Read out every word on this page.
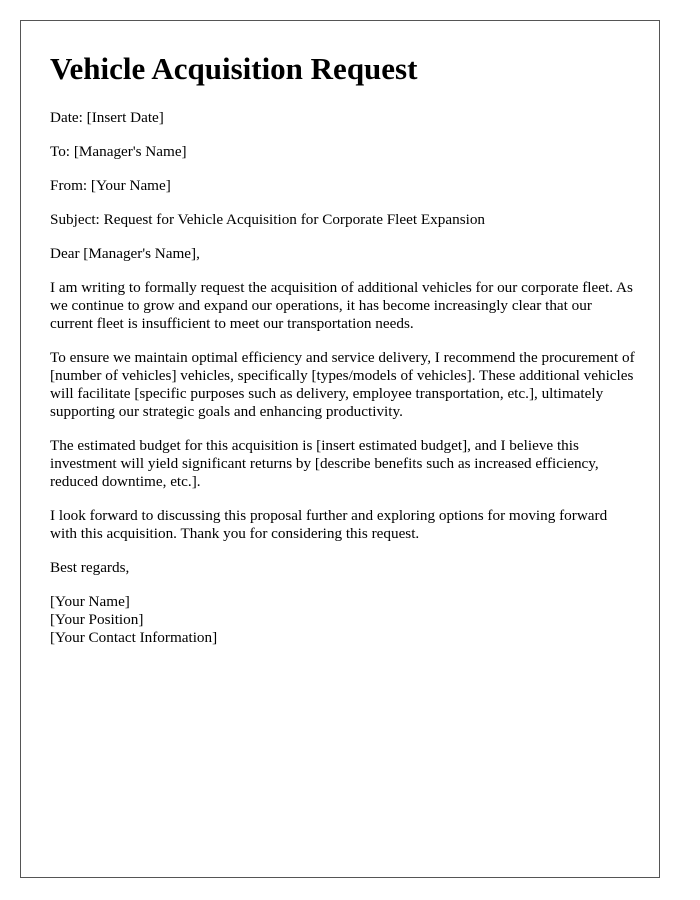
Vehicle Acquisition Request

Date: [Insert Date]

To: [Manager's Name]

From: [Your Name]

Subject: Request for Vehicle Acquisition for Corporate Fleet Expansion

Dear [Manager's Name],

I am writing to formally request the acquisition of additional vehicles for our corporate fleet. As we continue to grow and expand our operations, it has become increasingly clear that our current fleet is insufficient to meet our transportation needs.

To ensure we maintain optimal efficiency and service delivery, I recommend the procurement of [number of vehicles] vehicles, specifically [types/models of vehicles]. These additional vehicles will facilitate [specific purposes such as delivery, employee transportation, etc.], ultimately supporting our strategic goals and enhancing productivity.

The estimated budget for this acquisition is [insert estimated budget], and I believe this investment will yield significant returns by [describe benefits such as increased efficiency, reduced downtime, etc.].

I look forward to discussing this proposal further and exploring options for moving forward with this acquisition. Thank you for considering this request.

Best regards,

[Your Name]
[Your Position]
[Your Contact Information]
